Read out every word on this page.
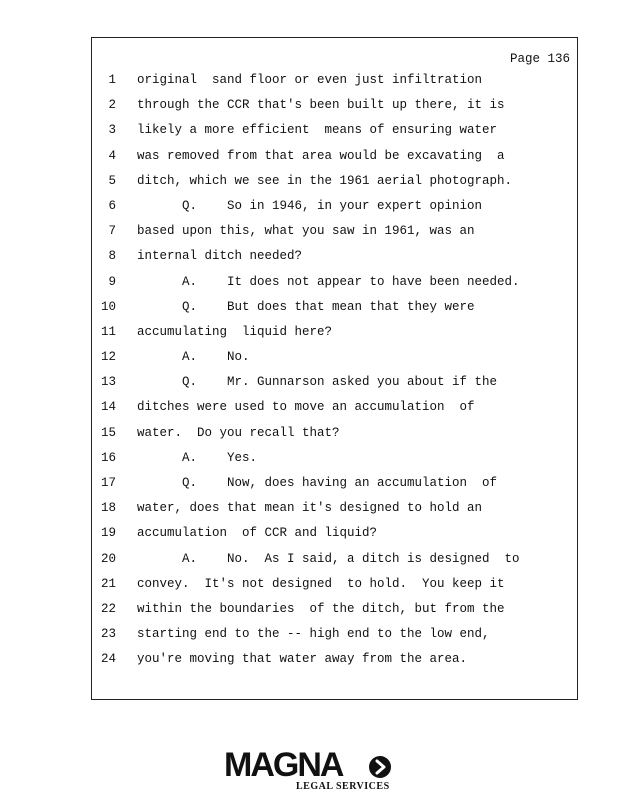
Page 136
1 original  sand floor or even just infiltration
2 through the CCR that's been built up there, it is
3 likely a more efficient  means of ensuring water
4 was removed from that area would be excavating  a
5 ditch, which we see in the 1961 aerial photograph.
6 Q.    So in 1946, in your expert opinion
7 based upon this, what you saw in 1961, was an
8 internal ditch needed?
9 A.    It does not appear to have been needed.
10 Q.    But does that mean that they were
11 accumulating  liquid here?
12 A.    No.
13 Q.    Mr. Gunnarson asked you about if the
14 ditches were used to move an accumulation  of
15 water.  Do you recall that?
16 A.    Yes.
17 Q.    Now, does having an accumulation  of
18 water, does that mean it's designed to hold an
19 accumulation  of CCR and liquid?
20 A.    No.  As I said, a ditch is designed  to
21 convey.  It's not designed  to hold.  You keep it
22 within the boundaries  of the ditch, but from the
23 starting end to the -- high end to the low end,
24 you're moving that water away from the area.
MAGNA
LEGAL SERVICES
